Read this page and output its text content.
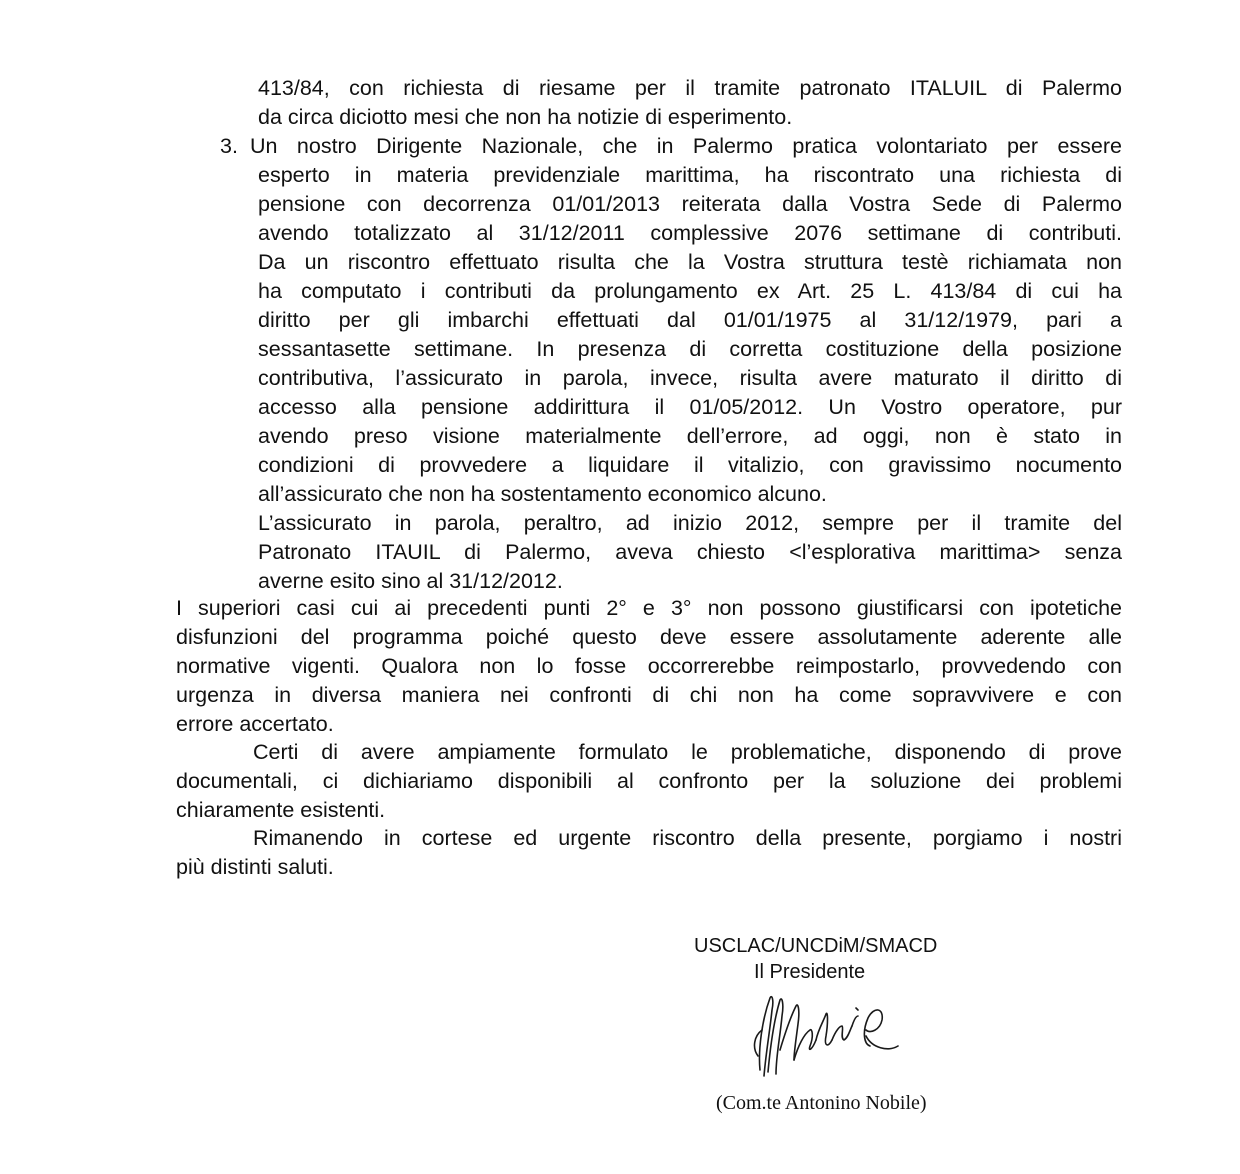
413/84, con richiesta di riesame per il tramite patronato ITALUIL di Palermo
da circa diciotto mesi che non ha notizie di esperimento.
3. Un nostro Dirigente Nazionale, che in Palermo pratica volontariato per essere
esperto in materia previdenziale marittima, ha riscontrato una richiesta di
pensione con decorrenza 01/01/2013 reiterata dalla Vostra Sede di Palermo
avendo totalizzato al 31/12/2011 complessive 2076 settimane di contributi.
Da un riscontro effettuato risulta che la Vostra struttura testè richiamata non
ha computato i contributi da prolungamento ex Art. 25 L. 413/84 di cui ha
diritto per gli imbarchi effettuati dal 01/01/1975 al 31/12/1979, pari a
sessantasette settimane. In presenza di corretta costituzione della posizione
contributiva, l’assicurato in parola, invece, risulta avere maturato il diritto di
accesso alla pensione addirittura il 01/05/2012. Un Vostro operatore, pur
avendo preso visione materialmente dell’errore, ad oggi, non è stato in
condizioni di provvedere a liquidare il vitalizio, con gravissimo nocumento
all’assicurato che non ha sostentamento economico alcuno.
L’assicurato in parola, peraltro, ad inizio 2012, sempre per il tramite del
Patronato ITAUIL di Palermo, aveva chiesto <l’esplorativa marittima> senza
averne esito sino al 31/12/2012.
I superiori casi cui ai precedenti punti 2° e 3° non possono giustificarsi con ipotetiche
disfunzioni del programma poiché questo deve essere assolutamente aderente alle
normative vigenti. Qualora non lo fosse occorrerebbe reimpostarlo, provvedendo con
urgenza in diversa maniera nei confronti di chi non ha come sopravvivere e con
errore accertato.
Certi di avere ampiamente formulato le problematiche, disponendo di prove
documentali, ci dichiariamo disponibili al confronto per la soluzione dei problemi
chiaramente esistenti.
Rimanendo in cortese ed urgente riscontro della presente, porgiamo i nostri
più distinti saluti.
USCLAC/UNCDiM/SMACD
Il Presidente
(Com.te Antonino Nobile)
